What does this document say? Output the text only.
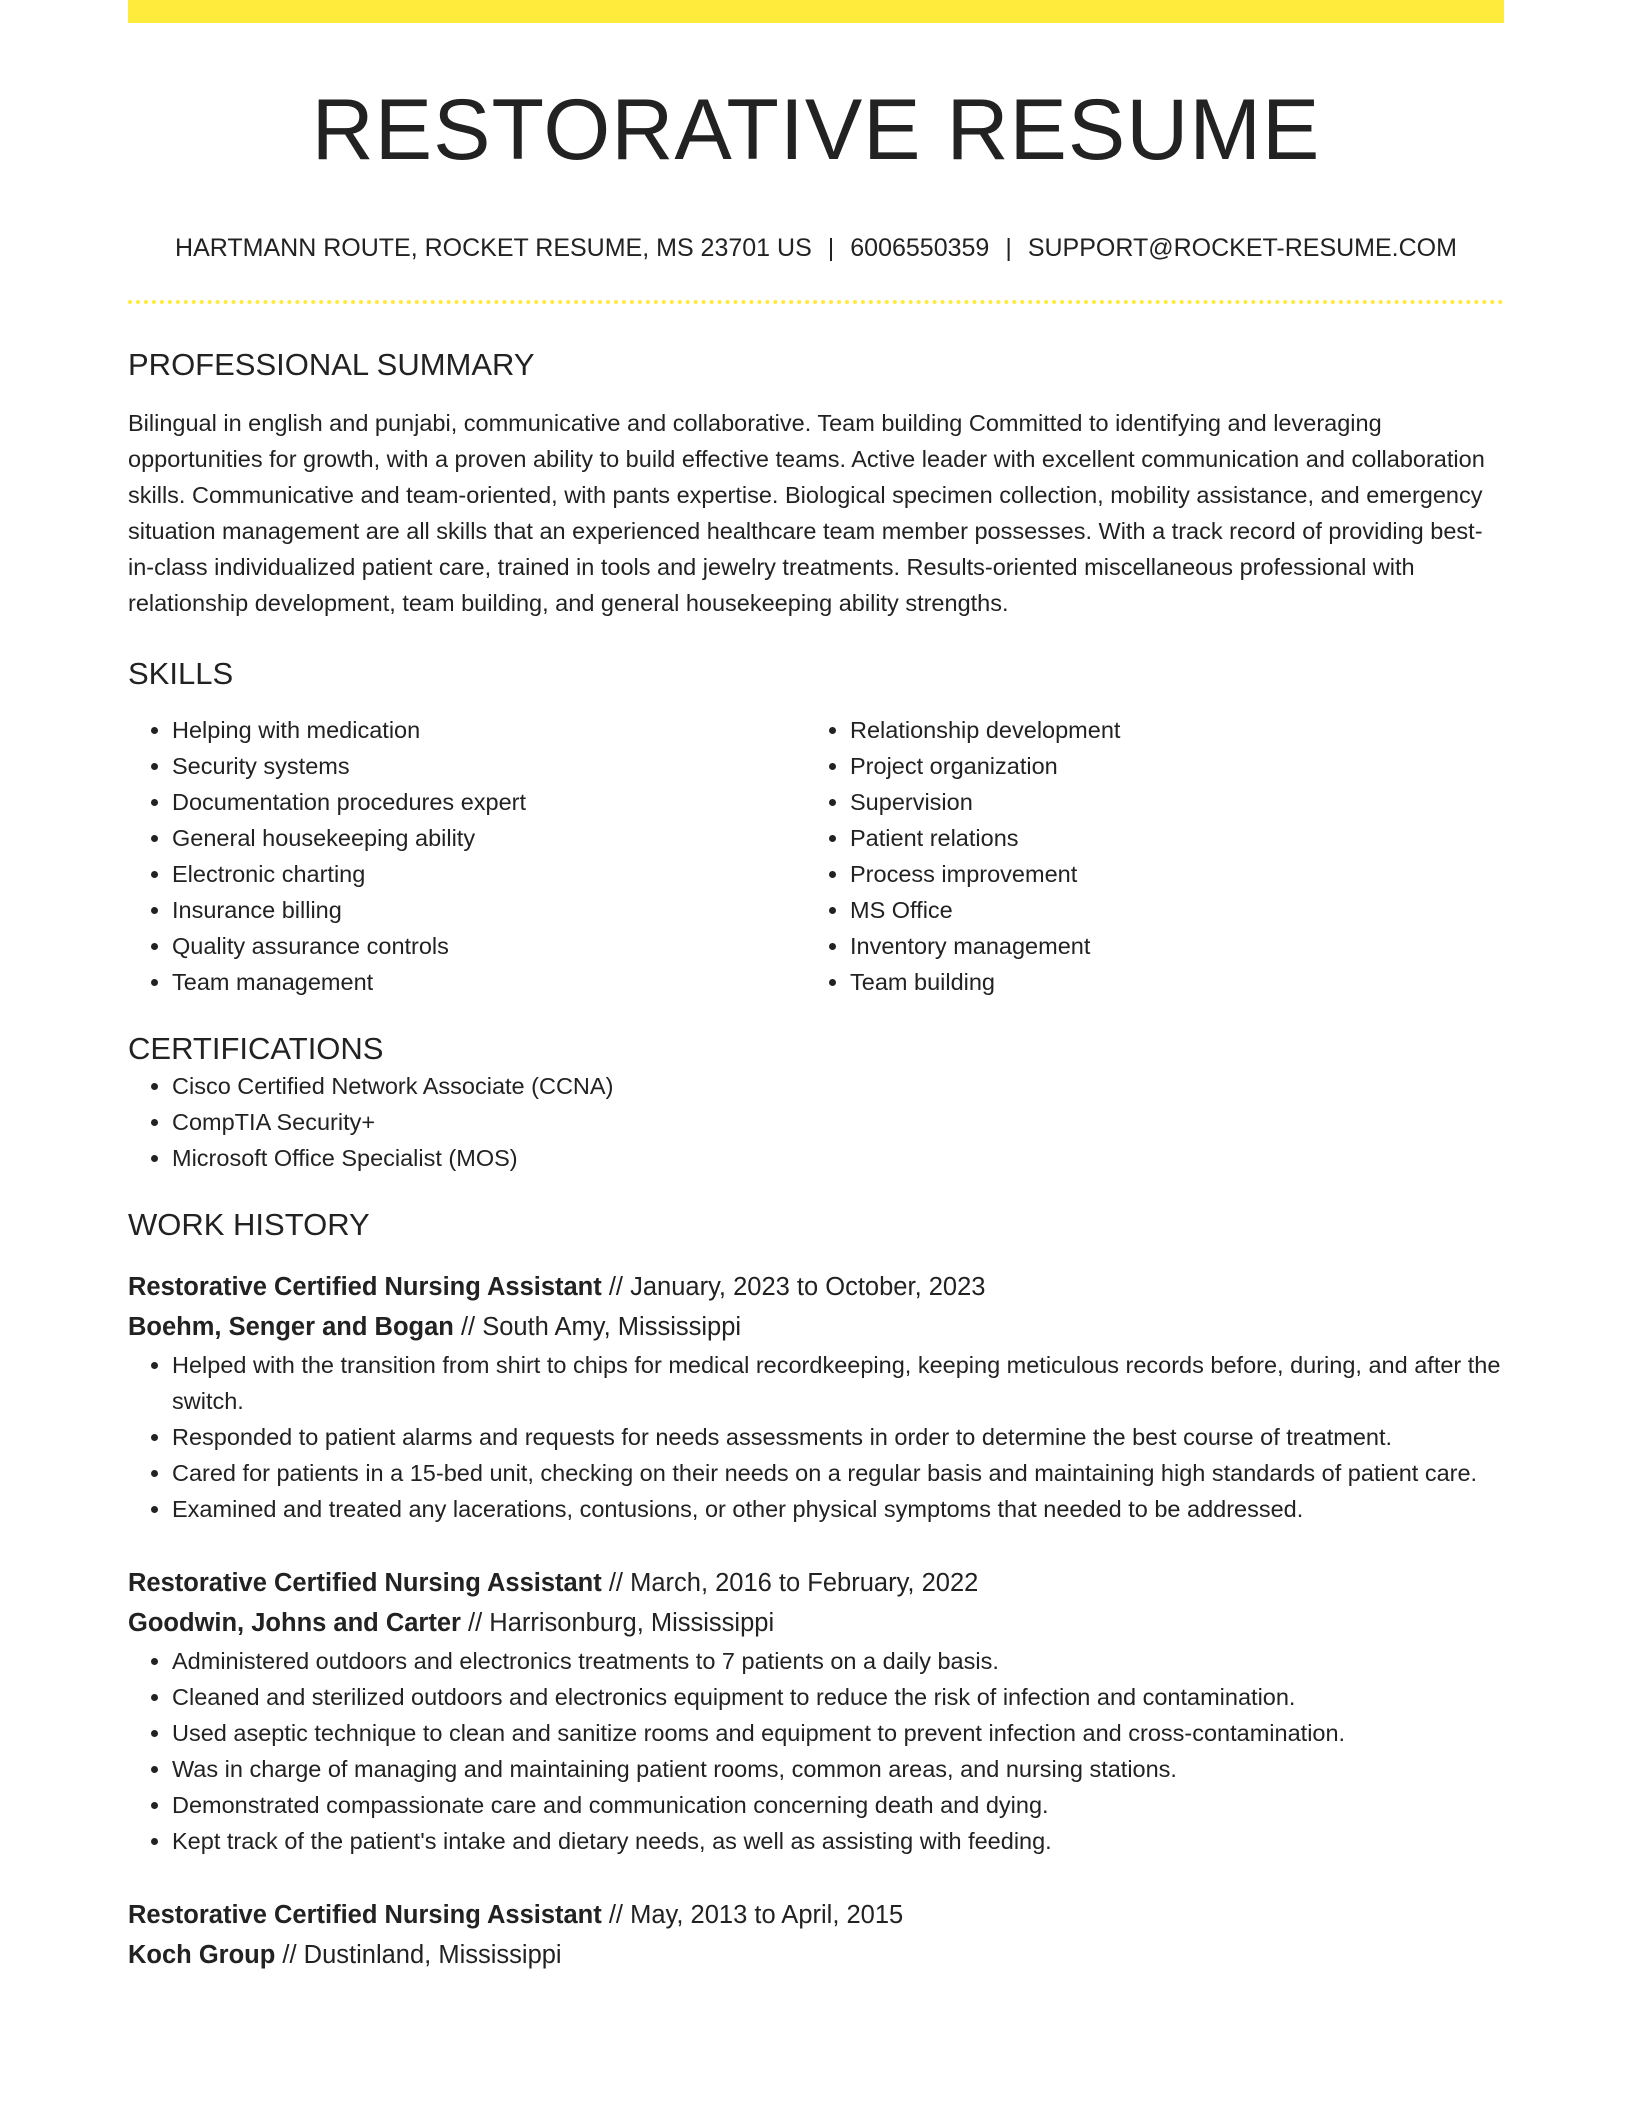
RESTORATIVE RESUME
HARTMANN ROUTE, ROCKET RESUME, MS 23701 US | 6006550359 | SUPPORT@ROCKET-RESUME.COM
PROFESSIONAL SUMMARY
Bilingual in english and punjabi, communicative and collaborative. Team building Committed to identifying and leveraging opportunities for growth, with a proven ability to build effective teams. Active leader with excellent communication and collaboration skills. Communicative and team-oriented, with pants expertise. Biological specimen collection, mobility assistance, and emergency situation management are all skills that an experienced healthcare team member possesses. With a track record of providing best-in-class individualized patient care, trained in tools and jewelry treatments. Results-oriented miscellaneous professional with relationship development, team building, and general housekeeping ability strengths.
SKILLS
• Helping with medication
• Security systems
• Documentation procedures expert
• General housekeeping ability
• Electronic charting
• Insurance billing
• Quality assurance controls
• Team management
• Relationship development
• Project organization
• Supervision
• Patient relations
• Process improvement
• MS Office
• Inventory management
• Team building
CERTIFICATIONS
• Cisco Certified Network Associate (CCNA)
• CompTIA Security+
• Microsoft Office Specialist (MOS)
WORK HISTORY
Restorative Certified Nursing Assistant // January, 2023 to October, 2023
Boehm, Senger and Bogan // South Amy, Mississippi
• Helped with the transition from shirt to chips for medical recordkeeping, keeping meticulous records before, during, and after the switch.
• Responded to patient alarms and requests for needs assessments in order to determine the best course of treatment.
• Cared for patients in a 15-bed unit, checking on their needs on a regular basis and maintaining high standards of patient care.
• Examined and treated any lacerations, contusions, or other physical symptoms that needed to be addressed.
Restorative Certified Nursing Assistant // March, 2016 to February, 2022
Goodwin, Johns and Carter // Harrisonburg, Mississippi
• Administered outdoors and electronics treatments to 7 patients on a daily basis.
• Cleaned and sterilized outdoors and electronics equipment to reduce the risk of infection and contamination.
• Used aseptic technique to clean and sanitize rooms and equipment to prevent infection and cross-contamination.
• Was in charge of managing and maintaining patient rooms, common areas, and nursing stations.
• Demonstrated compassionate care and communication concerning death and dying.
• Kept track of the patient's intake and dietary needs, as well as assisting with feeding.
Restorative Certified Nursing Assistant // May, 2013 to April, 2015
Koch Group // Dustinland, Mississippi
